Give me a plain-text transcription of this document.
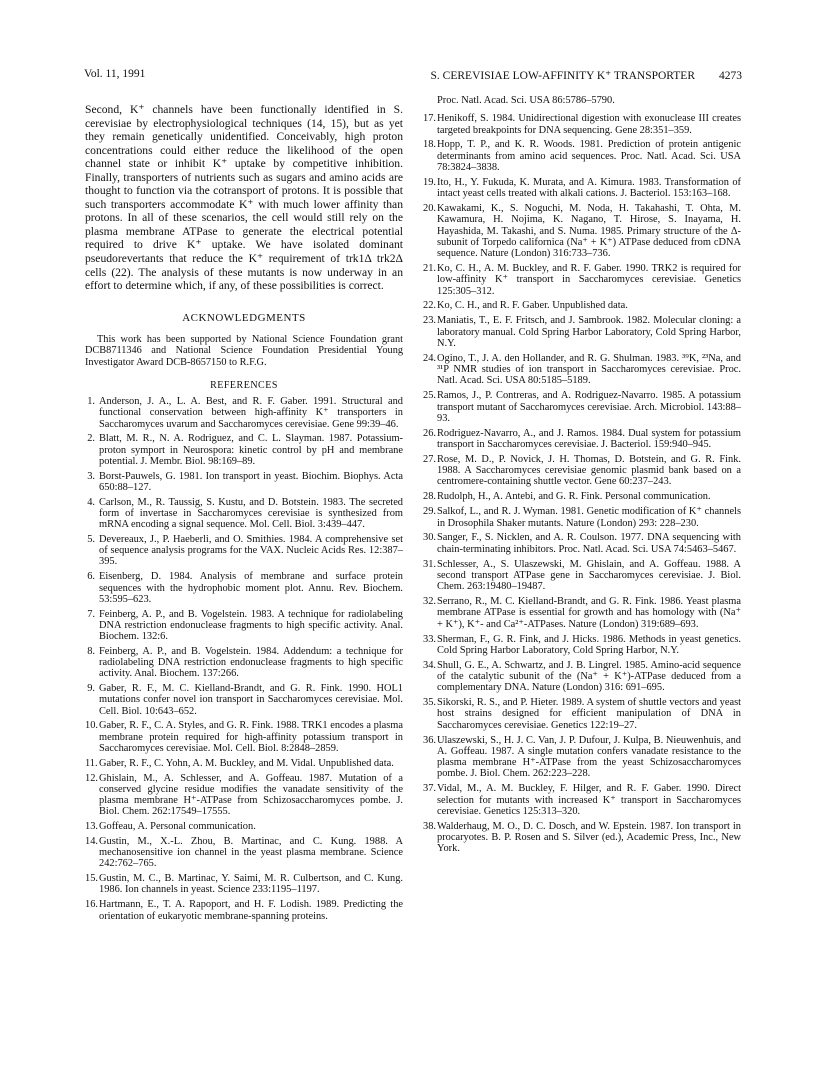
Vol. 11, 1991	S. CEREVISIAE LOW-AFFINITY K⁺ TRANSPORTER 4273

Second, K⁺ channels have been functionally identified in S. cerevisiae by electrophysiological techniques (14, 15), but as yet they remain genetically unidentified. Conceivably, high proton concentrations could either reduce the likelihood of the open channel state or inhibit K⁺ uptake by competitive inhibition. Finally, transporters of nutrients such as sugars and amino acids are thought to function via the cotransport of protons. It is possible that such transporters accommodate K⁺ with much lower affinity than protons. In all of these scenarios, the cell would still rely on the plasma membrane ATPase to generate the electrical potential required to drive K⁺ uptake. We have isolated dominant pseudorevertants that reduce the K⁺ requirement of trk1Δ trk2Δ cells (22). The analysis of these mutants is now underway in an effort to determine which, if any, of these possibilities is correct.

ACKNOWLEDGMENTS

This work has been supported by National Science Foundation grant DCB8711346 and National Science Foundation Presidential Young Investigator Award DCB-8657150 to R.F.G.

REFERENCES
1. Anderson, J. A., L. A. Best, and R. F. Gaber. 1991. Structural and functional conservation between high-affinity K⁺ transporters in Saccharomyces uvarum and Saccharomyces cerevisiae. Gene 99:39–46.
2. Blatt, M. R., N. A. Rodriguez, and C. L. Slayman. 1987. Potassium-proton symport in Neurospora: kinetic control by pH and membrane potential. J. Membr. Biol. 98:169–89.
3. Borst-Pauwels, G. 1981. Ion transport in yeast. Biochim. Biophys. Acta 650:88–127.
4. Carlson, M., R. Taussig, S. Kustu, and D. Botstein. 1983. The secreted form of invertase in Saccharomyces cerevisiae is synthesized from mRNA encoding a signal sequence. Mol. Cell. Biol. 3:439–447.
5. Devereaux, J., P. Haeberli, and O. Smithies. 1984. A comprehensive set of sequence analysis programs for the VAX. Nucleic Acids Res. 12:387–395.
6. Eisenberg, D. 1984. Analysis of membrane and surface protein sequences with the hydrophobic moment plot. Annu. Rev. Biochem. 53:595–623.
7. Feinberg, A. P., and B. Vogelstein. 1983. A technique for radiolabeling DNA restriction endonuclease fragments to high specific activity. Anal. Biochem. 132:6.
8. Feinberg, A. P., and B. Vogelstein. 1984. Addendum: a technique for radiolabeling DNA restriction endonuclease fragments to high specific activity. Anal. Biochem. 137:266.
9. Gaber, R. F., M. C. Kielland-Brandt, and G. R. Fink. 1990. HOL1 mutations confer novel ion transport in Saccharomyces cerevisiae. Mol. Cell. Biol. 10:643–652.
10. Gaber, R. F., C. A. Styles, and G. R. Fink. 1988. TRK1 encodes a plasma membrane protein required for high-affinity potassium transport in Saccharomyces cerevisiae. Mol. Cell. Biol. 8:2848–2859.
11. Gaber, R. F., C. Yohn, A. M. Buckley, and M. Vidal. Unpublished data.
12. Ghislain, M., A. Schlesser, and A. Goffeau. 1987. Mutation of a conserved glycine residue modifies the vanadate sensitivity of the plasma membrane H⁺-ATPase from Schizosaccharomyces pombe. J. Biol. Chem. 262:17549–17555.
13. Goffeau, A. Personal communication.
14. Gustin, M., X.-L. Zhou, B. Martinac, and C. Kung. 1988. A mechanosensitive ion channel in the yeast plasma membrane. Science 242:762–765.
15. Gustin, M. C., B. Martinac, Y. Saimi, M. R. Culbertson, and C. Kung. 1986. Ion channels in yeast. Science 233:1195–1197.
16. Hartmann, E., T. A. Rapoport, and H. F. Lodish. 1989. Predicting the orientation of eukaryotic membrane-spanning proteins.
Proc. Natl. Acad. Sci. USA 86:5786–5790.
17. Henikoff, S. 1984. Unidirectional digestion with exonuclease III creates targeted breakpoints for DNA sequencing. Gene 28:351–359.
18. Hopp, T. P., and K. R. Woods. 1981. Prediction of protein antigenic determinants from amino acid sequences. Proc. Natl. Acad. Sci. USA 78:3824–3838.
19. Ito, H., Y. Fukuda, K. Murata, and A. Kimura. 1983. Transformation of intact yeast cells treated with alkali cations. J. Bacteriol. 153:163–168.
20. Kawakami, K., S. Noguchi, M. Noda, H. Takahashi, T. Ohta, M. Kawamura, H. Nojima, K. Nagano, T. Hirose, S. Inayama, H. Hayashida, M. Takashi, and S. Numa. 1985. Primary structure of the Δ-subunit of Torpedo californica (Na⁺ + K⁺) ATPase deduced from cDNA sequence. Nature (London) 316:733–736.
21. Ko, C. H., A. M. Buckley, and R. F. Gaber. 1990. TRK2 is required for low-affinity K⁺ transport in Saccharomyces cerevisiae. Genetics 125:305–312.
22. Ko, C. H., and R. F. Gaber. Unpublished data.
23. Maniatis, T., E. F. Fritsch, and J. Sambrook. 1982. Molecular cloning: a laboratory manual. Cold Spring Harbor Laboratory, Cold Spring Harbor, N.Y.
24. Ogino, T., J. A. den Hollander, and R. G. Shulman. 1983. ³⁹K, ²³Na, and ³¹P NMR studies of ion transport in Saccharomyces cerevisiae. Proc. Natl. Acad. Sci. USA 80:5185–5189.
25. Ramos, J., P. Contreras, and A. Rodriguez-Navarro. 1985. A potassium transport mutant of Saccharomyces cerevisiae. Arch. Microbiol. 143:88–93.
26. Rodriguez-Navarro, A., and J. Ramos. 1984. Dual system for potassium transport in Saccharomyces cerevisiae. J. Bacteriol. 159:940–945.
27. Rose, M. D., P. Novick, J. H. Thomas, D. Botstein, and G. R. Fink. 1988. A Saccharomyces cerevisiae genomic plasmid bank based on a centromere-containing shuttle vector. Gene 60:237–243.
28. Rudolph, H., A. Antebi, and G. R. Fink. Personal communication.
29. Salkof, L., and R. J. Wyman. 1981. Genetic modification of K⁺ channels in Drosophila Shaker mutants. Nature (London) 293: 228–230.
30. Sanger, F., S. Nicklen, and A. R. Coulson. 1977. DNA sequencing with chain-terminating inhibitors. Proc. Natl. Acad. Sci. USA 74:5463–5467.
31. Schlesser, A., S. Ulaszewski, M. Ghislain, and A. Goffeau. 1988. A second transport ATPase gene in Saccharomyces cerevisiae. J. Biol. Chem. 263:19480–19487.
32. Serrano, R., M. C. Kielland-Brandt, and G. R. Fink. 1986. Yeast plasma membrane ATPase is essential for growth and has homology with (Na⁺ + K⁺), K⁺- and Ca²⁺-ATPases. Nature (London) 319:689–693.
33. Sherman, F., G. R. Fink, and J. Hicks. 1986. Methods in yeast genetics. Cold Spring Harbor Laboratory, Cold Spring Harbor, N.Y.
34. Shull, G. E., A. Schwartz, and J. B. Lingrel. 1985. Amino-acid sequence of the catalytic subunit of the (Na⁺ + K⁺)-ATPase deduced from a complementary DNA. Nature (London) 316: 691–695.
35. Sikorski, R. S., and P. Hieter. 1989. A system of shuttle vectors and yeast host strains designed for efficient manipulation of DNA in Saccharomyces cerevisiae. Genetics 122:19–27.
36. Ulaszewski, S., H. J. C. Van, J. P. Dufour, J. Kulpa, B. Nieuwenhuis, and A. Goffeau. 1987. A single mutation confers vanadate resistance to the plasma membrane H⁺-ATPase from the yeast Schizosaccharomyces pombe. J. Biol. Chem. 262:223–228.
37. Vidal, M., A. M. Buckley, F. Hilger, and R. F. Gaber. 1990. Direct selection for mutants with increased K⁺ transport in Saccharomyces cerevisiae. Genetics 125:313–320.
38. Walderhaug, M. O., D. C. Dosch, and W. Epstein. 1987. Ion transport in procaryotes. B. P. Rosen and S. Silver (ed.), Academic Press, Inc., New York.
